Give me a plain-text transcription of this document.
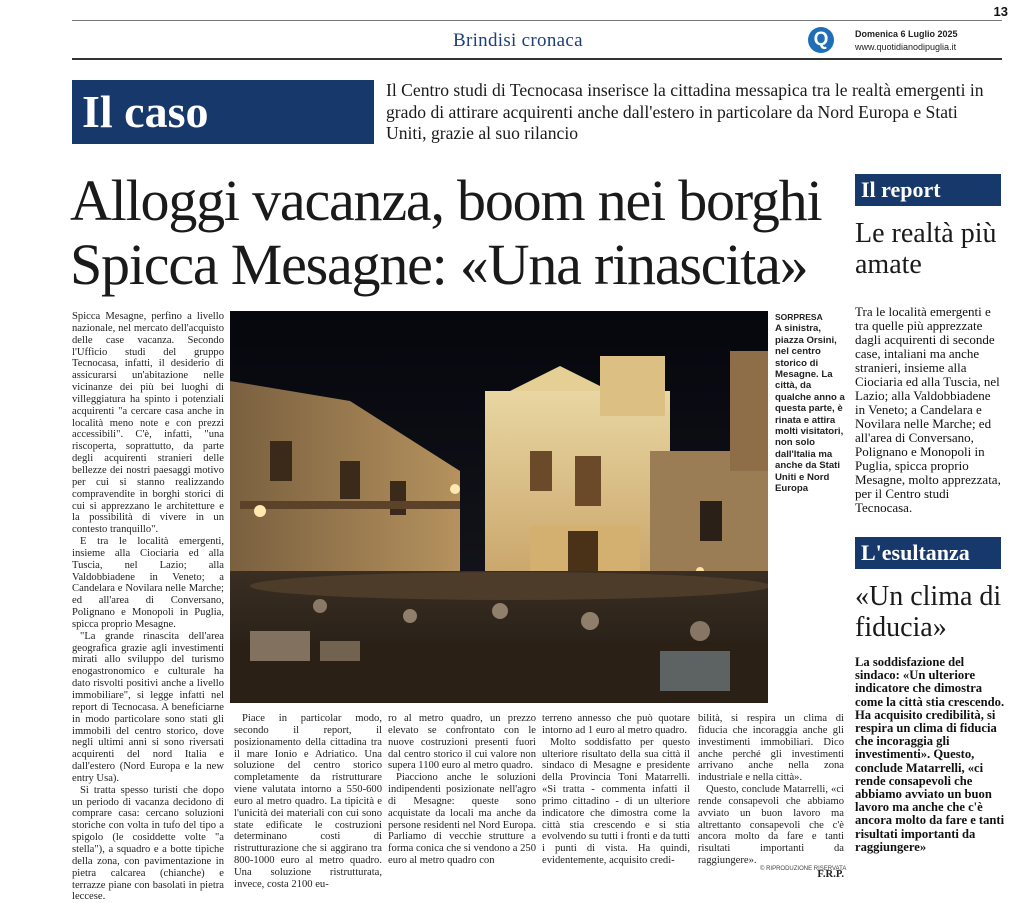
13
Brindisi cronaca	Q	Domenica 6 Luglio 2025
www.quotidianodipuglia.it
Il caso	Il Centro studi di Tecnocasa inserisce la cittadina messapica tra le realtà emergenti in grado di attirare acquirenti anche dall'estero in particolare da Nord Europa e Stati Uniti, grazie al suo rilancio
Alloggi vacanza, boom nei borghi
Spicca Mesagne: «Una rinascita»
SORPRESA
A sinistra, piazza Orsini, nel centro storico di Mesagne. La città, da qualche anno a questa parte, è rinata e attira molti visitatori, non solo dall'Italia ma anche da Stati Uniti e Nord Europa

Spicca Mesagne, perfino a livello nazionale, nel mercato dell'acquisto delle case vacanza. Secondo l'Ufficio studi del gruppo Tecnocasa, infatti, il desiderio di assicurarsi un'abitazione nelle vicinanze dei più bei luoghi di villeggiatura ha spinto i potenziali acquirenti "a cercare casa anche in località meno note e con prezzi accessibili". C'è, infatti, "una riscoperta, soprattutto, da parte degli acquirenti stranieri delle bellezze dei nostri paesaggi motivo per cui si stanno realizzando compravendite in borghi storici di cui si apprezzano le architetture e la possibilità di vivere in un contesto tranquillo".

E tra le località emergenti, insieme alla Ciociaria ed alla Tuscia, nel Lazio; alla Valdobbiadene in Veneto; a Candelara e Novilara nelle Marche; ed all'area di Conversano, Polignano e Monopoli in Puglia, spicca proprio Mesagne.

"La grande rinascita dell'area geografica grazie agli investimenti mirati allo sviluppo del turismo enogastronomico e culturale ha dato risvolti positivi anche a livello immobiliare", si legge infatti nel report di Tecnocasa. A beneficiarne in modo particolare sono stati gli immobili del centro storico, dove negli ultimi anni si sono riversati acquirenti del nord Italia e dall'estero (Nord Europa e la new entry Usa).

Si tratta spesso turisti che dopo un periodo di vacanza decidono di comprare casa: cercano soluzioni storiche con volta in tufo del tipo a spigolo (le cosiddette volte "a stella"), a squadro e a botte tipiche della zona, con pavimentazione in pietra calcarea (chianche) e terrazze piane con basolati in pietra leccese.

Piace in particolar modo, secondo il report, il posizionamento della cittadina tra il mare Ionio e Adriatico. Una soluzione del centro storico completamente da ristrutturare viene valutata intorno a 550-600 euro al metro quadro. La tipicità e l'unicità dei materiali con cui sono state edificate le costruzioni determinano costi di ristrutturazione che si aggirano tra 800-1000 euro al metro quadro. Una soluzione ristrutturata, invece, costa 2100 eu-

ro al metro quadro, un prezzo elevato se confrontato con le nuove costruzioni presenti fuori dal centro storico il cui valore non supera 1100 euro al metro quadro.

Piacciono anche le soluzioni indipendenti posizionate nell'agro di Mesagne: queste sono acquistate da locali ma anche da persone residenti nel Nord Europa. Parliamo di vecchie strutture a forma conica che si vendono a 250 euro al metro quadro con

terreno annesso che può quotare intorno ad 1 euro al metro quadro.

Molto soddisfatto per questo ulteriore risultato della sua città il sindaco di Mesagne e presidente della Provincia Toni Matarrelli. «Si tratta - commenta infatti il primo cittadino - di un ulteriore indicatore che dimostra come la città stia crescendo e si stia evolvendo su tutti i fronti e da tutti i punti di vista. Ha quindi, evidentemente, acquisito credi-

bilità, si respira un clima di fiducia che incoraggia anche gli investimenti immobiliari. Dico anche perché gli investimenti arrivano anche nella zona industriale e nella città».

Questo, conclude Matarrelli, «ci rende consapevoli che abbiamo avviato un buon lavoro ma altrettanto consapevoli che c'è ancora molto da fare e tanti risultati importanti da raggiungere».

F.R.P.
© RIPRODUZIONE RISERVATA
Il report
Le realtà più amate
Tra le località emergenti e tra quelle più apprezzate dagli acquirenti di seconde case, intaliani ma anche stranieri, insieme alla Ciociaria ed alla Tuscia, nel Lazio; alla Valdobbiadene in Veneto; a Candelara e Novilara nelle Marche; ed all'area di Conversano, Polignano e Monopoli in Puglia, spicca proprio Mesagne, molto apprezzata, per il Centro studi Tecnocasa.
L'esultanza
«Un clima di fiducia»
La soddisfazione del sindaco: «Un ulteriore indicatore che dimostra come la città stia crescendo. Ha acquisito credibilità, si respira un clima di fiducia che incoraggia gli investimenti». Questo, conclude Matarrelli, «ci rende consapevoli che abbiamo avviato un buon lavoro ma anche che c'è ancora molto da fare e tanti risultati importanti da raggiungere»
